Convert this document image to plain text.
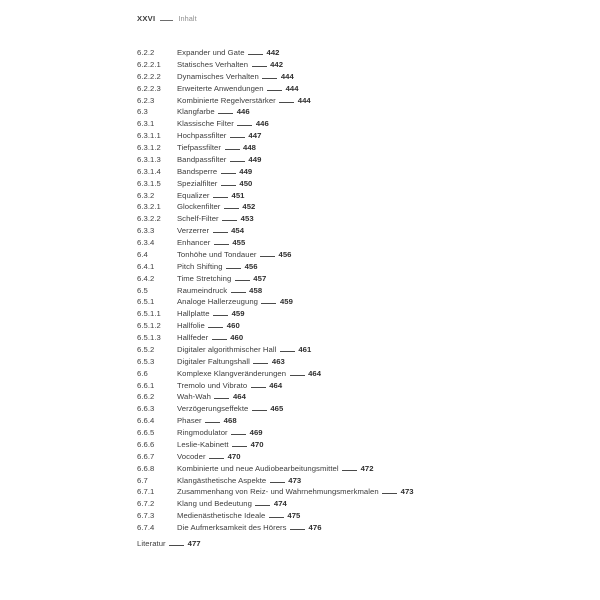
XXVI	Inhalt
6.2.2	Expander und Gate	442
6.2.2.1	Statisches Verhalten	442
6.2.2.2	Dynamisches Verhalten	444
6.2.2.3	Erweiterte Anwendungen	444
6.2.3	Kombinierte Regelverstärker	444
6.3	Klangfarbe	446
6.3.1	Klassische Filter	446
6.3.1.1	Hochpassfilter	447
6.3.1.2	Tiefpassfilter	448
6.3.1.3	Bandpassfilter	449
6.3.1.4	Bandsperre	449
6.3.1.5	Spezialfilter	450
6.3.2	Equalizer	451
6.3.2.1	Glockenfilter	452
6.3.2.2	Schelf-Filter	453
6.3.3	Verzerrer	454
6.3.4	Enhancer	455
6.4	Tonhöhe und Tondauer	456
6.4.1	Pitch Shifting	456
6.4.2	Time Stretching	457
6.5	Raumeindruck	458
6.5.1	Analoge Hallerzeugung	459
6.5.1.1	Hallplatte	459
6.5.1.2	Hallfolie	460
6.5.1.3	Hallfeder	460
6.5.2	Digitaler algorithmischer Hall	461
6.5.3	Digitaler Faltungshall	463
6.6	Komplexe Klangveränderungen	464
6.6.1	Tremolo und Vibrato	464
6.6.2	Wah-Wah	464
6.6.3	Verzögerungseffekte	465
6.6.4	Phaser	468
6.6.5	Ringmodulator	469
6.6.6	Leslie-Kabinett	470
6.6.7	Vocoder	470
6.6.8	Kombinierte und neue Audiobearbeitungsmittel	472
6.7	Klangästhetische Aspekte	473
6.7.1	Zusammenhang von Reiz- und Wahrnehmungsmerkmalen	473
6.7.2	Klang und Bedeutung	474
6.7.3	Medienästhetische Ideale	475
6.7.4	Die Aufmerksamkeit des Hörers	476
Literatur	477
